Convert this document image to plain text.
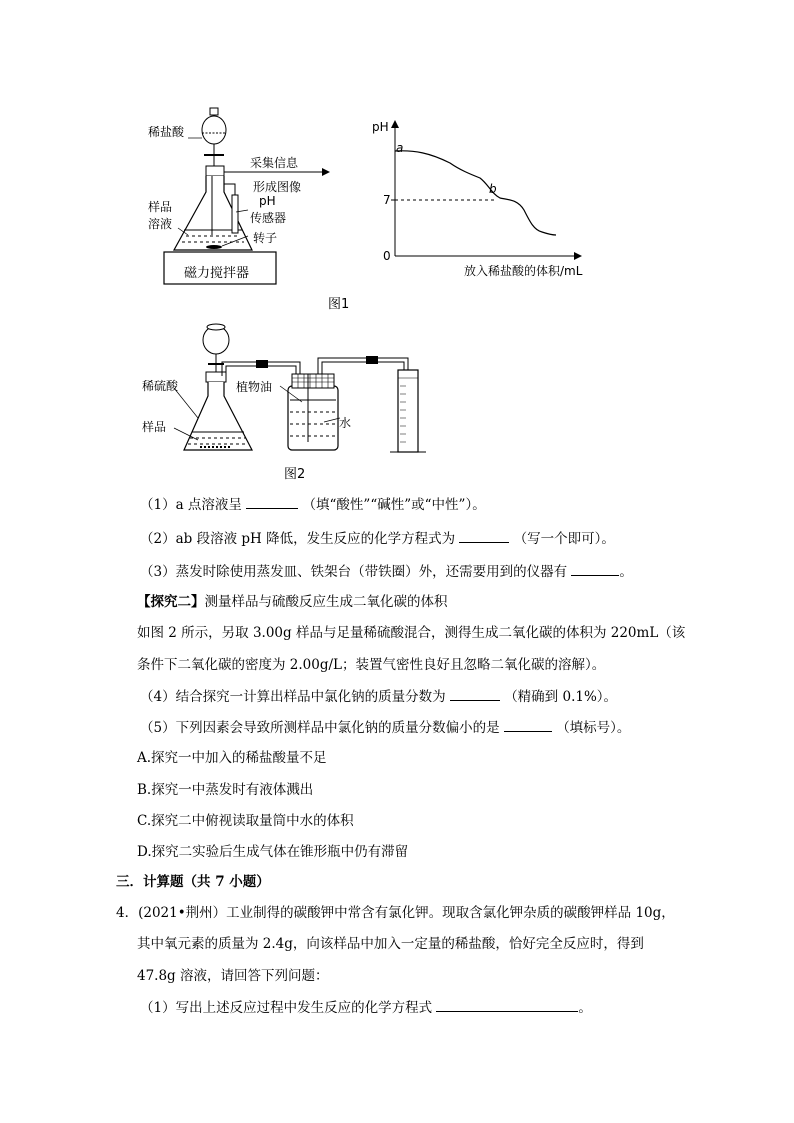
稀盐酸
采集信息
形成图像
样品
溶液
pH
传感器
转子
磁力搅拌器
pH
7
0
a
b
放入稀盐酸的体积/mL
图1
稀硫酸
样品
植物油
水
图2
（1）a 点溶液呈	（填“酸性”“碱性”或“中性”）。
（2）ab 段溶液 pH 降低，发生反应的化学方程式为	（写一个即可）。
（3）蒸发时除使用蒸发皿、铁架台（带铁圈）外，还需要用到的仪器有	。
【探究二】测量样品与硫酸反应生成二氧化碳的体积
如图 2 所示，另取 3.00g 样品与足量稀硫酸混合，测得生成二氧化碳的体积为 220mL（该
条件下二氧化碳的密度为 2.00g/L；装置气密性良好且忽略二氧化碳的溶解）。
（4）结合探究一计算出样品中氯化钠的质量分数为	（精确到 0.1%）。
（5）下列因素会导致所测样品中氯化钠的质量分数偏小的是	（填标号）。
A.探究一中加入的稀盐酸量不足
B.探究一中蒸发时有液体溅出
C.探究二中俯视读取量筒中水的体积
D.探究二实验后生成气体在锥形瓶中仍有滞留
三．计算题（共 7 小题）
4．(2021•荆州）工业制得的碳酸钾中常含有氯化钾。现取含氯化钾杂质的碳酸钾样品 10g，
其中氧元素的质量为 2.4g，向该样品中加入一定量的稀盐酸，恰好完全反应时，得到
47.8g 溶液，请回答下列问题：
（1）写出上述反应过程中发生反应的化学方程式	。
